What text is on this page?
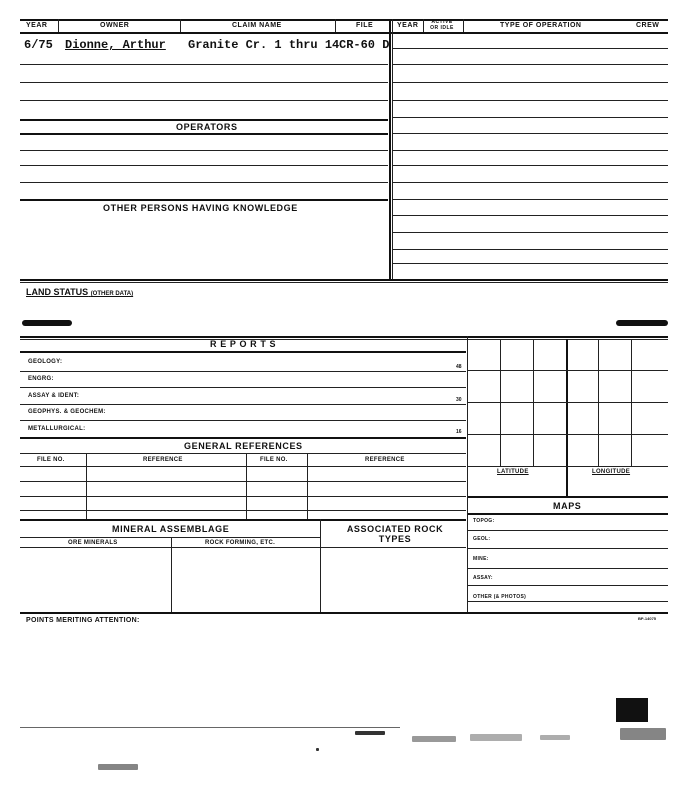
YEAR	OWNER	CLAIM NAME	FILE	YEAR	ACTIVE OR IDLE	TYPE OF OPERATION	CREW
6/75 Dionne, Arthur Granite Cr. 1 thru 14 CR-60 D
OPERATORS
OTHER PERSONS HAVING KNOWLEDGE
LAND STATUS (OTHER DATA)
R E P O R T S
GEOLOGY:
48
ENGRG:
ASSAY & IDENT:
30
GEOPHYS. & GEOCHEM:
METALLURGICAL:	16
GENERAL REFERENCES
FILE NO.	REFERENCE	FILE NO.	REFERENCE
MINERAL ASSEMBLAGE	ASSOCIATED ROCK TYPES
ORE MINERALS	ROCK FORMING, ETC.
LATITUDE	LONGITUDE
MAPS
TOPOG:
GEOL:
MINE:
ASSAY:
OTHER (& PHOTOS)
POINTS MERITING ATTENTION:	BP-14075
